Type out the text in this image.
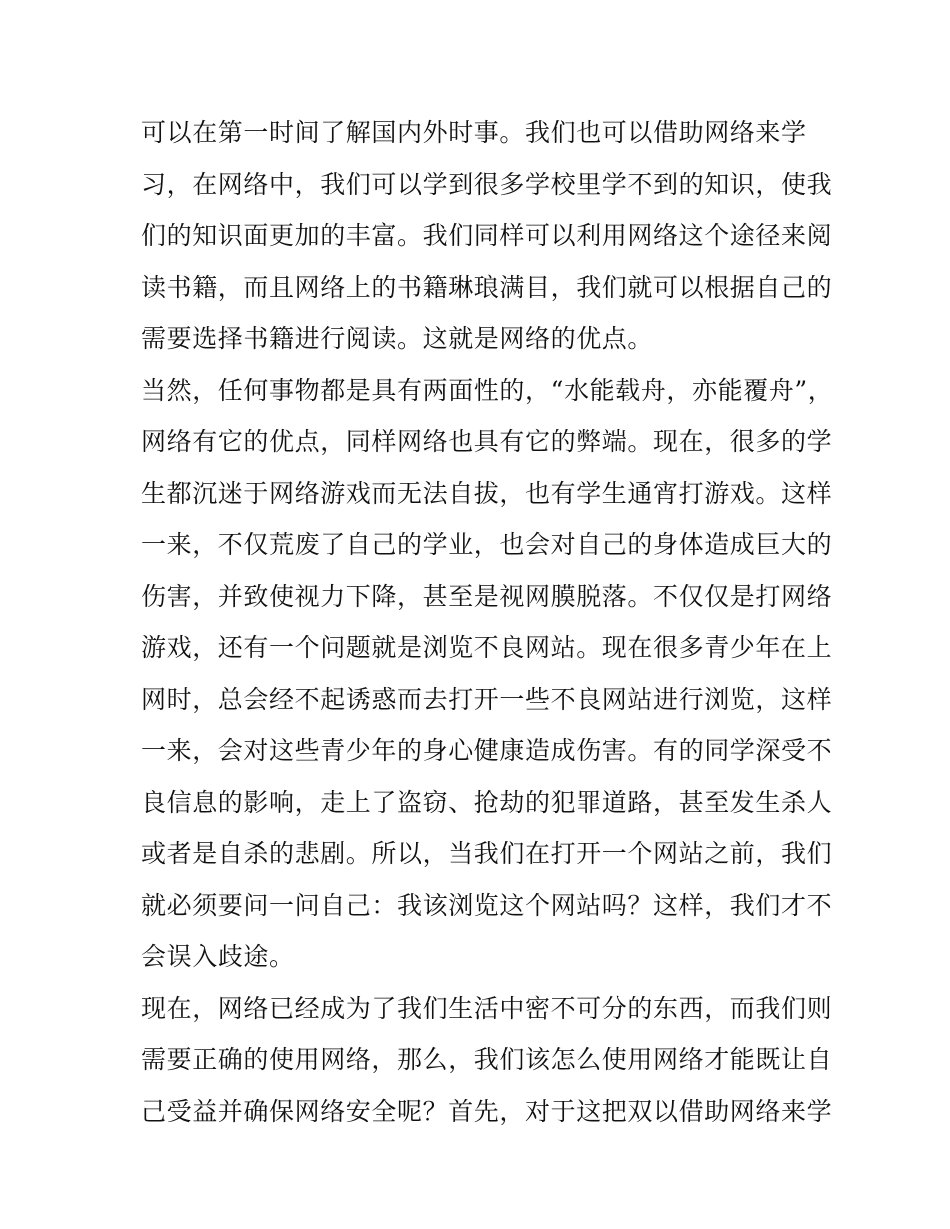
可以在第一时间了解国内外时事。我们也可以借助网络来学
习，在网络中，我们可以学到很多学校里学不到的知识，使我
们的知识面更加的丰富。我们同样可以利用网络这个途径来阅
读书籍，而且网络上的书籍琳琅满目，我们就可以根据自己的
需要选择书籍进行阅读。这就是网络的优点。
当然，任何事物都是具有两面性的，“水能载舟，亦能覆舟”，
网络有它的优点，同样网络也具有它的弊端。现在，很多的学
生都沉迷于网络游戏而无法自拔，也有学生通宵打游戏。这样
一来，不仅荒废了自己的学业，也会对自己的身体造成巨大的
伤害，并致使视力下降，甚至是视网膜脱落。不仅仅是打网络
游戏，还有一个问题就是浏览不良网站。现在很多青少年在上
网时，总会经不起诱惑而去打开一些不良网站进行浏览，这样
一来，会对这些青少年的身心健康造成伤害。有的同学深受不
良信息的影响，走上了盗窃、抢劫的犯罪道路，甚至发生杀人
或者是自杀的悲剧。所以，当我们在打开一个网站之前，我们
就必须要问一问自己：我该浏览这个网站吗？这样，我们才不
会误入歧途。
现在，网络已经成为了我们生活中密不可分的东西，而我们则
需要正确的使用网络，那么，我们该怎么使用网络才能既让自
己受益并确保网络安全呢？首先，对于这把双以借助网络来学
